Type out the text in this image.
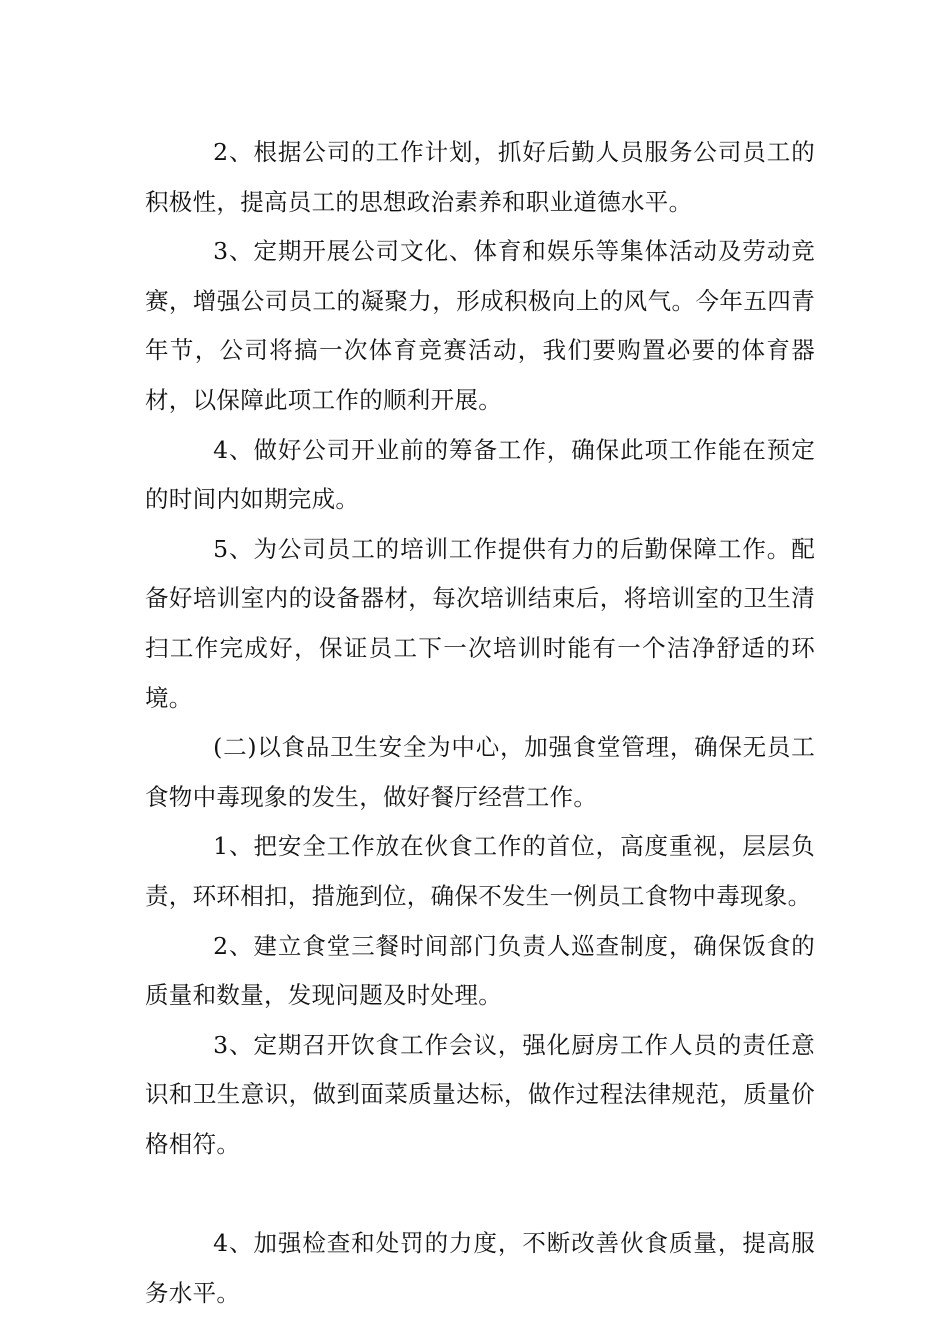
2、根据公司的工作计划，抓好后勤人员服务公司员工的积极性，提高员工的思想政治素养和职业道德水平。

3、定期开展公司文化、体育和娱乐等集体活动及劳动竞赛，增强公司员工的凝聚力，形成积极向上的风气。今年五四青年节，公司将搞一次体育竞赛活动，我们要购置必要的体育器材，以保障此项工作的顺利开展。

4、做好公司开业前的筹备工作，确保此项工作能在预定的时间内如期完成。

5、为公司员工的培训工作提供有力的后勤保障工作。配备好培训室内的设备器材，每次培训结束后，将培训室的卫生清扫工作完成好，保证员工下一次培训时能有一个洁净舒适的环境。

(二)以食品卫生安全为中心，加强食堂管理，确保无员工食物中毒现象的发生，做好餐厅经营工作。

1、把安全工作放在伙食工作的首位，高度重视，层层负责，环环相扣，措施到位，确保不发生一例员工食物中毒现象。

2、建立食堂三餐时间部门负责人巡查制度，确保饭食的质量和数量，发现问题及时处理。

3、定期召开饮食工作会议，强化厨房工作人员的责任意识和卫生意识，做到面菜质量达标，做作过程法律规范，质量价格相符。

4、加强检查和处罚的力度，不断改善伙食质量，提高服务水平。
